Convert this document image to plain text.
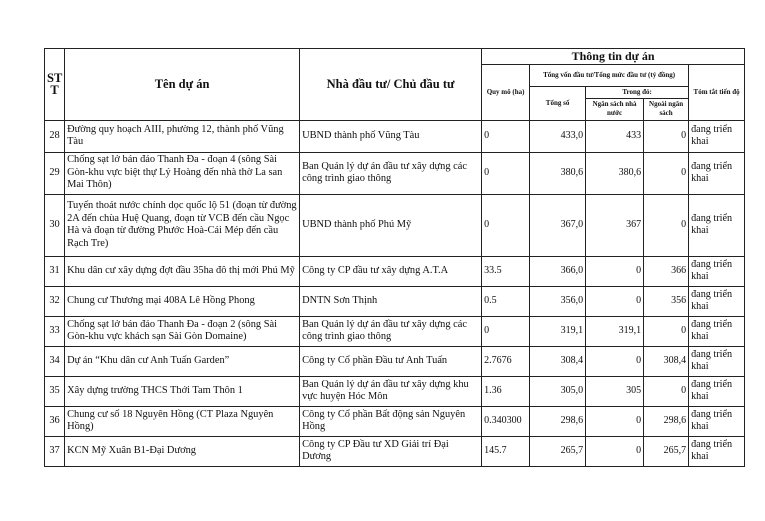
ST T	Tên dự án	Nhà đầu tư/ Chủ đầu tư	Thông tin dự án				
			Quy mô (ha)	Tổng vốn đầu tư/Tổng mức đầu tư (tỷ đồng)			Tóm tắt tiến độ
				Tổng số	Trong đó:		
					Ngân sách nhà nước	Ngoài ngân sách	
28	Đường quy hoạch AIII, phường 12, thành phố Vũng Tàu	UBND thành phố Vũng Tàu	0	433,0	433	0	đang triển khai
29	Chống sạt lở bán đảo Thanh Đa - đoạn 4 (sông Sài Gòn-khu vực biệt thự Lý Hoàng đến nhà thờ La san Mai Thôn)	Ban Quản lý dự án đầu tư xây dựng các công trình giao thông	0	380,6	380,6	0	đang triển khai
30	Tuyến thoát nước chính dọc quốc lộ 51 (đoạn từ đường 2A đến chùa Huệ Quang, đoạn từ VCB đến cầu Ngọc Hà và đoạn từ đường Phước Hoà-Cái Mép đến cầu Rạch Tre)	UBND thành phố Phú Mỹ	0	367,0	367	0	đang triển khai
31	Khu dân cư xây dựng đợt đầu 35ha đô thị mới Phú Mỹ	Công ty CP đầu tư xây dựng A.T.A	33.5	366,0	0	366	đang triển khai
32	Chung cư Thương mại 408A Lê Hồng Phong	DNTN Sơn Thịnh	0.5	356,0	0	356	đang triển khai
33	Chống sạt lở bán đảo Thanh Đa - đoạn 2 (sông Sài Gòn-khu vực khách sạn Sài Gòn Domaine)	Ban Quản lý dự án đầu tư xây dựng các công trình giao thông	0	319,1	319,1	0	đang triển khai
34	Dự án “Khu dân cư Anh Tuấn Garden”	Công ty Cổ phần Đầu tư Anh Tuấn	2.7676	308,4	0	308,4	đang triển khai
35	Xây dựng trường THCS Thới Tam Thôn 1	Ban Quản lý dự án đầu tư xây dựng khu vực huyện Hóc Môn	1.36	305,0	305	0	đang triển khai
36	Chung cư số 18 Nguyên Hồng (CT Plaza Nguyên Hồng)	Công ty Cổ phần Bất động sản Nguyên Hồng	0.340300	298,6	0	298,6	đang triển khai
37	KCN Mỹ Xuân B1-Đại Dương	Công ty CP Đầu tư XD Giải trí Đại Dương	145.7	265,7	0	265,7	đang triển khai
